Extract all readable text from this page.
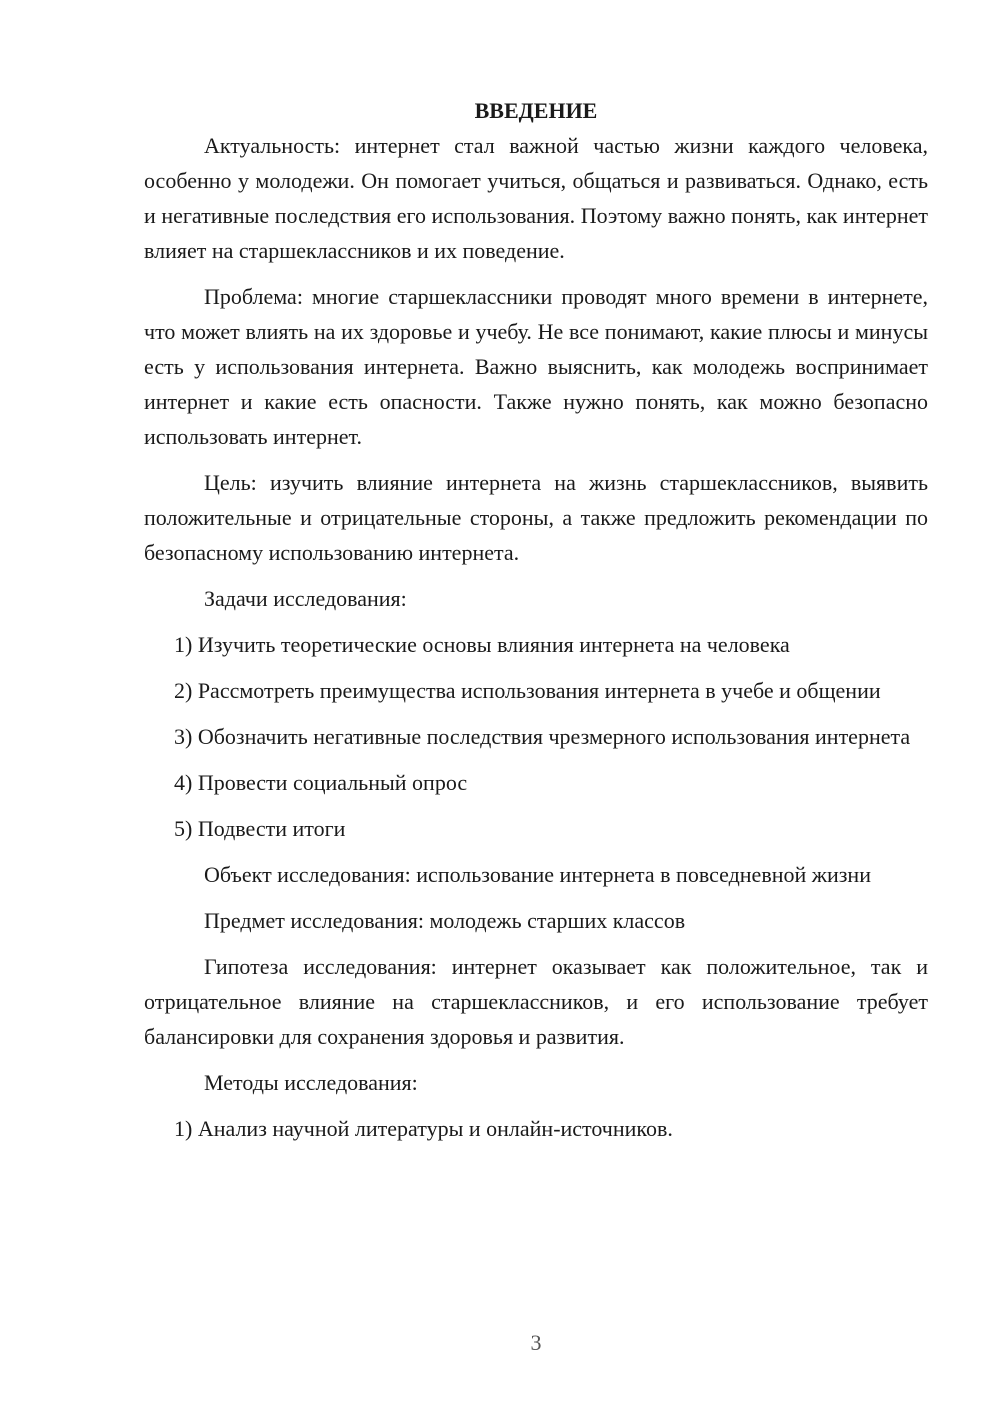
ВВЕДЕНИЕ

Актуальность: интернет стал важной частью жизни каждого человека, особенно у молодежи. Он помогает учиться, общаться и развиваться. Однако, есть и негативные последствия его использования. Поэтому важно понять, как интернет влияет на старшеклассников и их поведение.

Проблема: многие старшеклассники проводят много времени в интернете, что может влиять на их здоровье и учебу. Не все понимают, какие плюсы и минусы есть у использования интернета. Важно выяснить, как молодежь воспринимает интернет и какие есть опасности. Также нужно понять, как можно безопасно использовать интернет.

Цель: изучить влияние интернета на жизнь старшеклассников, выявить положительные и отрицательные стороны, а также предложить рекомендации по безопасному использованию интернета.

Задачи исследования:

1) Изучить теоретические основы влияния интернета на человека

2) Рассмотреть преимущества использования интернета в учебе и общении

3) Обозначить негативные последствия чрезмерного использования интернета

4) Провести социальный опрос

5) Подвести итоги

Объект исследования: использование интернета в повседневной жизни

Предмет исследования: молодежь старших классов

Гипотеза исследования: интернет оказывает как положительное, так и отрицательное влияние на старшеклассников, и его использование требует балансировки для сохранения здоровья и развития.

Методы исследования:

1) Анализ научной литературы и онлайн-источников.

3
